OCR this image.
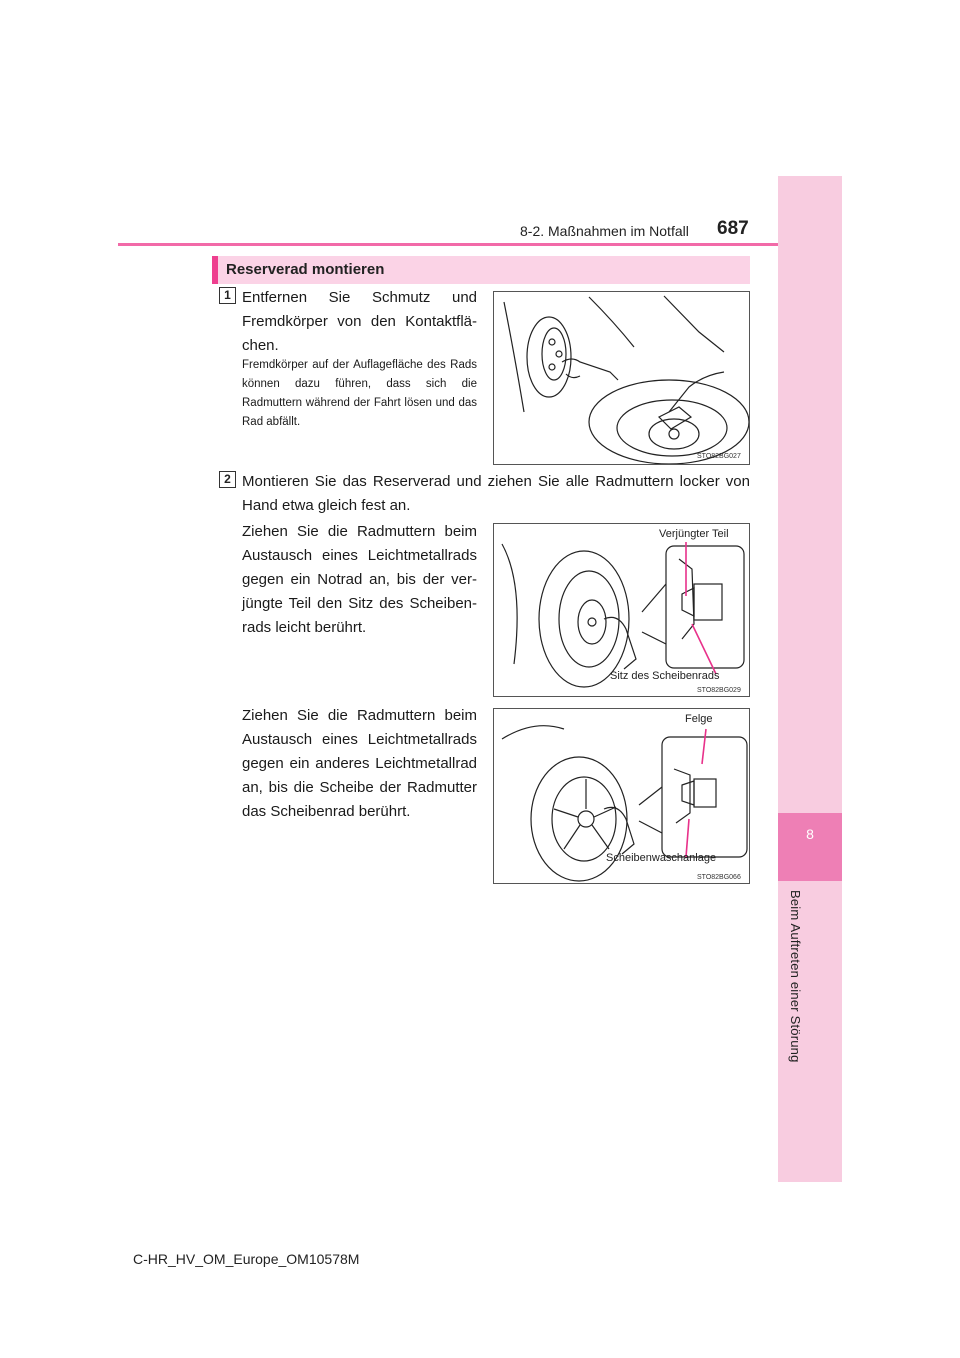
8
Beim Auftreten einer Störung
8-2. Maßnahmen im Notfall 687
Reserverad montieren
1 Entfernen Sie Schmutz und Fremdkörper von den Kontaktflä-chen.
Fremdkörper auf der Auflagefläche des Rads können dazu führen, dass sich die Radmuttern während der Fahrt lösen und das Rad abfällt.
STO82BG027
2 Montieren Sie das Reserverad und ziehen Sie alle Radmuttern locker von Hand etwa gleich fest an.
Ziehen Sie die Radmuttern beim Austausch eines Leichtmetallrads gegen ein Notrad an, bis der ver-jüngte Teil den Sitz des Scheiben-rads leicht berührt.
Verjüngter Teil
Sitz des Scheibenrads
STO82BG029
Ziehen Sie die Radmuttern beim Austausch eines Leichtmetallrads gegen ein anderes Leichtmetallrad an, bis die Scheibe der Radmutter das Scheibenrad berührt.
Felge
Scheibenwaschanlage
STO82BG066
C-HR_HV_OM_Europe_OM10578M
